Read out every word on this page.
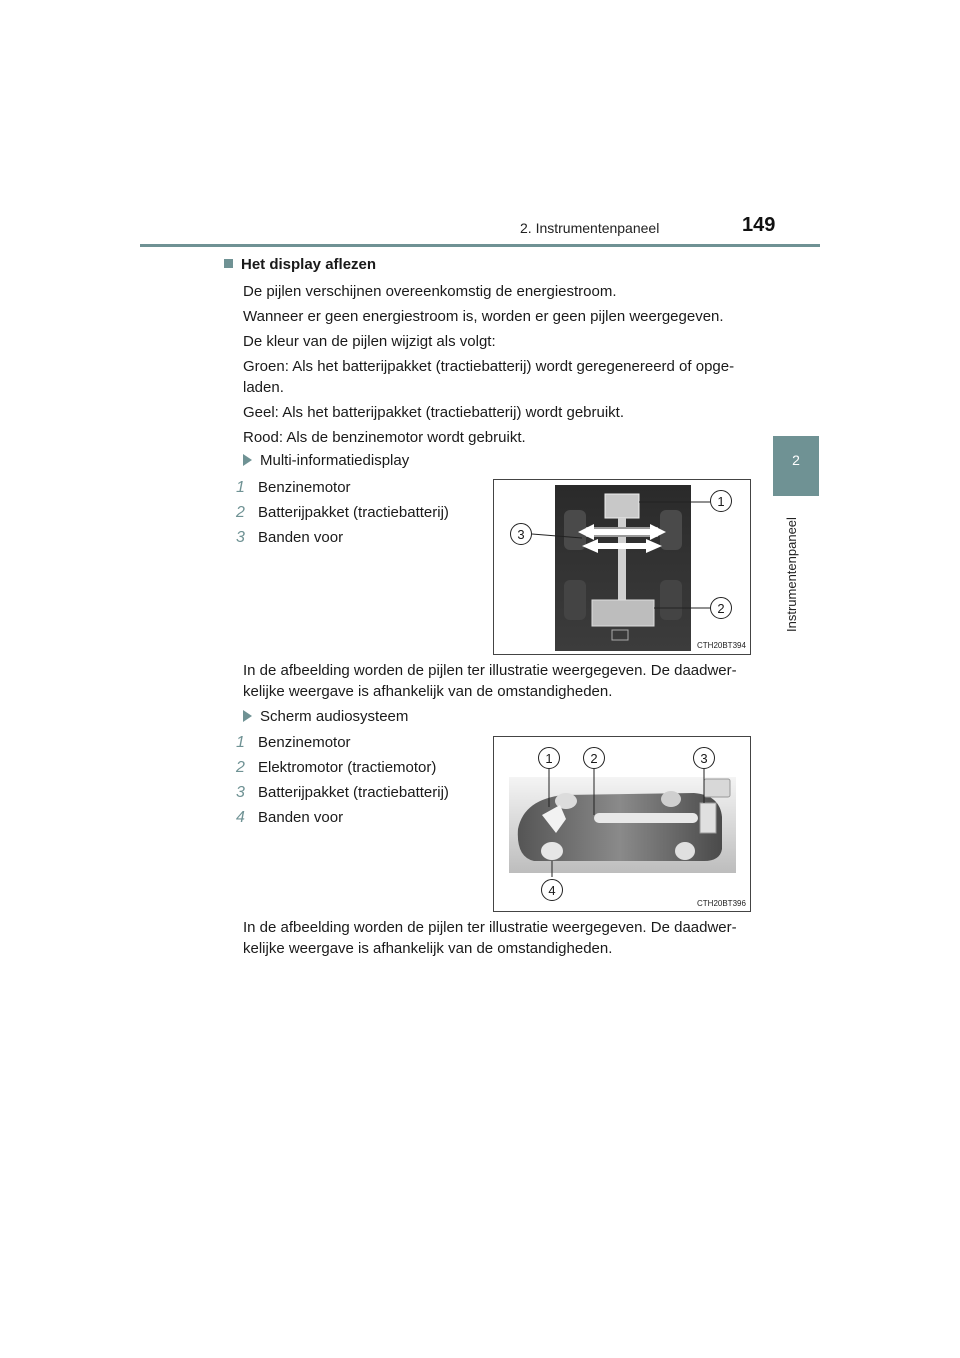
2. Instrumentenpaneel	149
2
Instrumentenpaneel
Het display aflezen
De pijlen verschijnen overeenkomstig de energiestroom.
Wanneer er geen energiestroom is, worden er geen pijlen weergegeven.
De kleur van de pijlen wijzigt als volgt:
Groen: Als het batterijpakket (tractiebatterij) wordt geregenereerd of opge-laden.
Geel: Als het batterijpakket (tractiebatterij) wordt gebruikt.
Rood: Als de benzinemotor wordt gebruikt.
Multi-informatiedisplay
1 Benzinemotor
2 Batterijpakket (tractiebatterij)
3 Banden voor
1
2
3
CTH20BT394
In de afbeelding worden de pijlen ter illustratie weergegeven. De daadwer-kelijke weergave is afhankelijk van de omstandigheden.
Scherm audiosysteem
1 Benzinemotor
2 Elektromotor (tractiemotor)
3 Batterijpakket (tractiebatterij)
4 Banden voor
1	2	3
4
CTH20BT396
In de afbeelding worden de pijlen ter illustratie weergegeven. De daadwer-kelijke weergave is afhankelijk van de omstandigheden.
